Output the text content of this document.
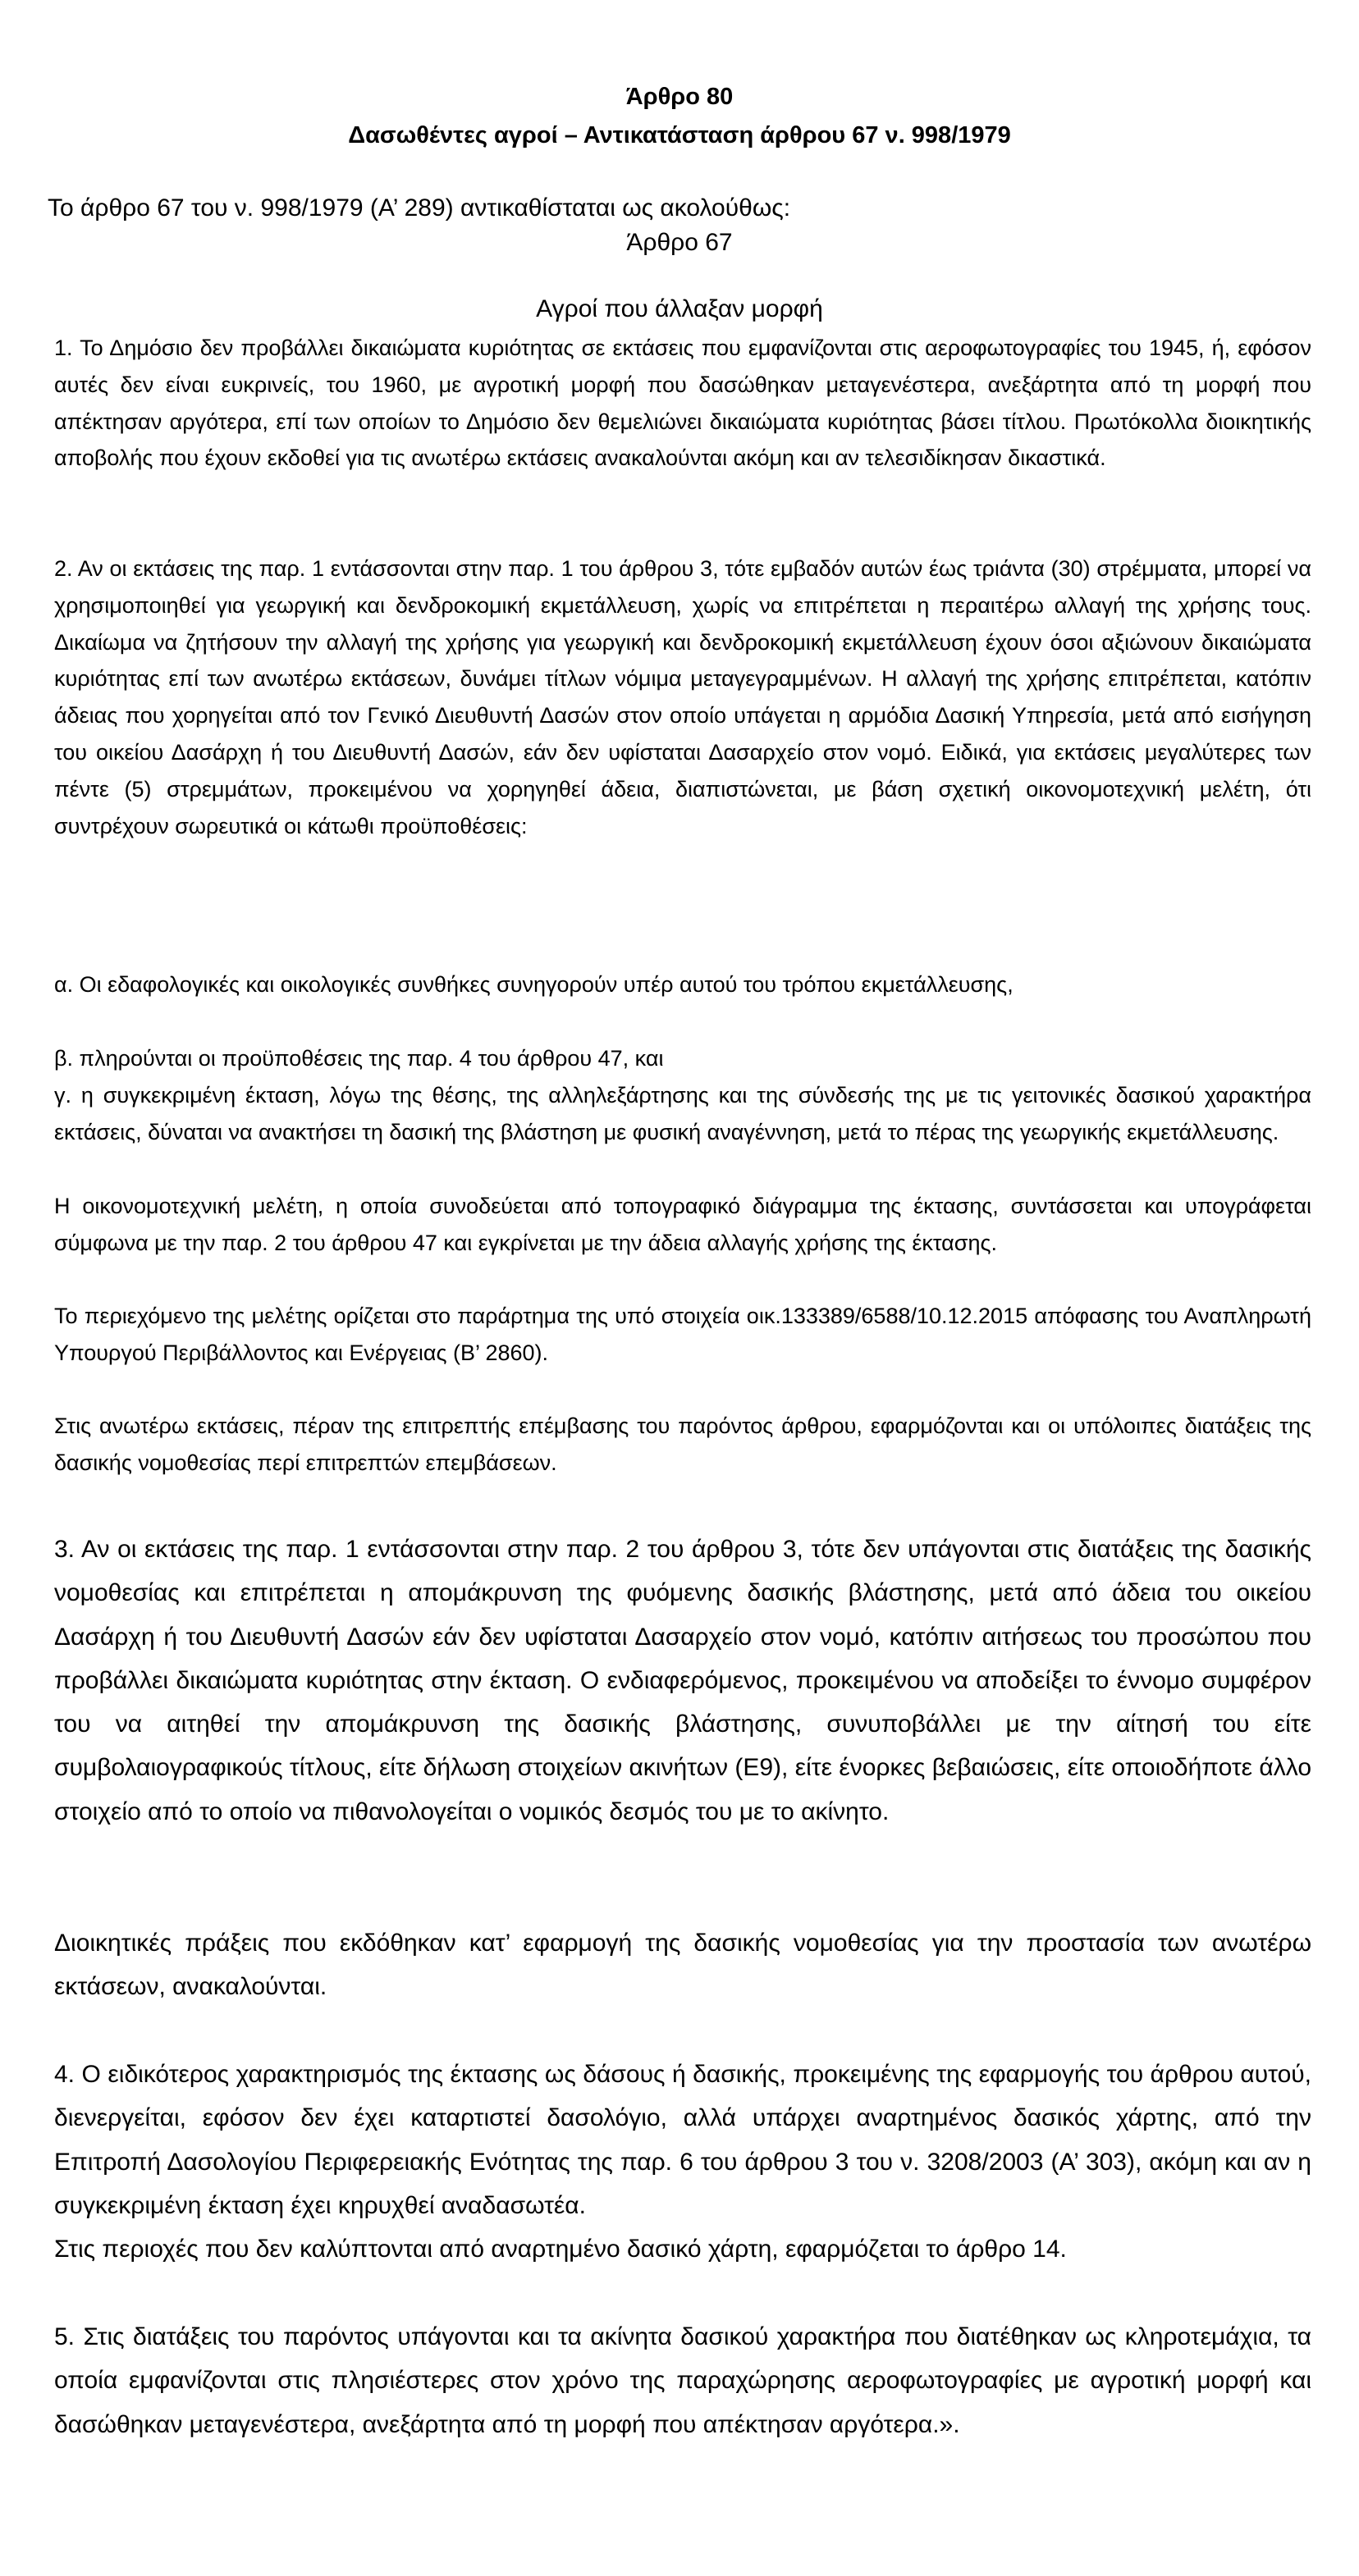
Άρθρο 80
Δασωθέντες αγροί – Αντικατάσταση άρθρου 67 ν. 998/1979
Το άρθρο 67 του ν. 998/1979 (Α’ 289) αντικαθίσταται ως ακολούθως:
Άρθρο 67
Αγροί που άλλαξαν μορφή

1. Το Δημόσιο δεν προβάλλει δικαιώματα κυριότητας σε εκτάσεις που εμφανίζονται στις αεροφωτογραφίες του 1945, ή, εφόσον αυτές δεν είναι ευκρινείς, του 1960, με αγροτική μορφή που δασώθηκαν μεταγενέστερα, ανεξάρτητα από τη μορφή που απέκτησαν αργότερα, επί των οποίων το Δημόσιο δεν θεμελιώνει δικαιώματα κυριότητας βάσει τίτλου. Πρωτόκολλα διοικητικής αποβολής που έχουν εκδοθεί για τις ανωτέρω εκτάσεις ανακαλούνται ακόμη και αν τελεσιδίκησαν δικαστικά.

2. Αν οι εκτάσεις της παρ. 1 εντάσσονται στην παρ. 1 του άρθρου 3, τότε εμβαδόν αυτών έως τριάντα (30) στρέμματα, μπορεί να χρησιμοποιηθεί για γεωργική και δενδροκομική εκμετάλλευση, χωρίς να επιτρέπεται η περαιτέρω αλλαγή της χρήσης τους. Δικαίωμα να ζητήσουν την αλλαγή της χρήσης για γεωργική και δενδροκομική εκμετάλλευση έχουν όσοι αξιώνουν δικαιώματα κυριότητας επί των ανωτέρω εκτάσεων, δυνάμει τίτλων νόμιμα μεταγεγραμμένων. Η αλλαγή της χρήσης επιτρέπεται, κατόπιν άδειας που χορηγείται από τον Γενικό Διευθυντή Δασών στον οποίο υπάγεται η αρμόδια Δασική Υπηρεσία, μετά από εισήγηση του οικείου Δασάρχη ή του Διευθυντή Δασών, εάν δεν υφίσταται Δασαρχείο στον νομό. Ειδικά, για εκτάσεις μεγαλύτερες των πέντε (5) στρεμμάτων, προκειμένου να χορηγηθεί άδεια, διαπιστώνεται, με βάση σχετική οικονομοτεχνική μελέτη, ότι συντρέχουν σωρευτικά οι κάτωθι προϋποθέσεις:

α. Οι εδαφολογικές και οικολογικές συνθήκες συνηγορούν υπέρ αυτού του τρόπου εκμετάλλευσης,

β. πληρούνται οι προϋποθέσεις της παρ. 4 του άρθρου 47, και

γ. η συγκεκριμένη έκταση, λόγω της θέσης, της αλληλεξάρτησης και της σύνδεσής της με τις γειτονικές δασικού χαρακτήρα εκτάσεις, δύναται να ανακτήσει τη δασική της βλάστηση με φυσική αναγέννηση, μετά το πέρας της γεωργικής εκμετάλλευσης.

Η οικονομοτεχνική μελέτη, η οποία συνοδεύεται από τοπογραφικό διάγραμμα της έκτασης, συντάσσεται και υπογράφεται σύμφωνα με την παρ. 2 του άρθρου 47 και εγκρίνεται με την άδεια αλλαγής χρήσης της έκτασης.

Το περιεχόμενο της μελέτης ορίζεται στο παράρτημα της υπό στοιχεία οικ.133389/6588/10.12.2015 απόφασης του Αναπληρωτή Υπουργού Περιβάλλοντος και Ενέργειας (Β’ 2860).

Στις ανωτέρω εκτάσεις, πέραν της επιτρεπτής επέμβασης του παρόντος άρθρου, εφαρμόζονται και οι υπόλοιπες διατάξεις της δασικής νομοθεσίας περί επιτρεπτών επεμβάσεων.

3. Αν οι εκτάσεις της παρ. 1 εντάσσονται στην παρ. 2 του άρθρου 3, τότε δεν υπάγονται στις διατάξεις της δασικής νομοθεσίας και επιτρέπεται η απομάκρυνση της φυόμενης δασικής βλάστησης, μετά από άδεια του οικείου Δασάρχη ή του Διευθυντή Δασών εάν δεν υφίσταται Δασαρχείο στον νομό, κατόπιν αιτήσεως του προσώπου που προβάλλει δικαιώματα κυριότητας στην έκταση. Ο ενδιαφερόμενος, προκειμένου να αποδείξει το έννομο συμφέρον του να αιτηθεί την απομάκρυνση της δασικής βλάστησης, συνυποβάλλει με την αίτησή του είτε συμβολαιογραφικούς τίτλους, είτε δήλωση στοιχείων ακινήτων (Ε9), είτε ένορκες βεβαιώσεις, είτε οποιοδήποτε άλλο στοιχείο από το οποίο να πιθανολογείται ο νομικός δεσμός του με το ακίνητο.

Διοικητικές πράξεις που εκδόθηκαν κατ’ εφαρμογή της δασικής νομοθεσίας για την προστασία των ανωτέρω εκτάσεων, ανακαλούνται.

4. Ο ειδικότερος χαρακτηρισμός της έκτασης ως δάσους ή δασικής, προκειμένης της εφαρμογής του άρθρου αυτού, διενεργείται, εφόσον δεν έχει καταρτιστεί δασολόγιο, αλλά υπάρχει αναρτημένος δασικός χάρτης, από την Επιτροπή Δασολογίου Περιφερειακής Ενότητας της παρ. 6 του άρθρου 3 του ν. 3208/2003 (Α’ 303), ακόμη και αν η συγκεκριμένη έκταση έχει κηρυχθεί αναδασωτέα.

Στις περιοχές που δεν καλύπτονται από αναρτημένο δασικό χάρτη, εφαρμόζεται το άρθρο 14.

5. Στις διατάξεις του παρόντος υπάγονται και τα ακίνητα δασικού χαρακτήρα που διατέθηκαν ως κληροτεμάχια, τα οποία εμφανίζονται στις πλησιέστερες στον χρόνο της παραχώρησης αεροφωτογραφίες με αγροτική μορφή και δασώθηκαν μεταγενέστερα, ανεξάρτητα από τη μορφή που απέκτησαν αργότερα.».
